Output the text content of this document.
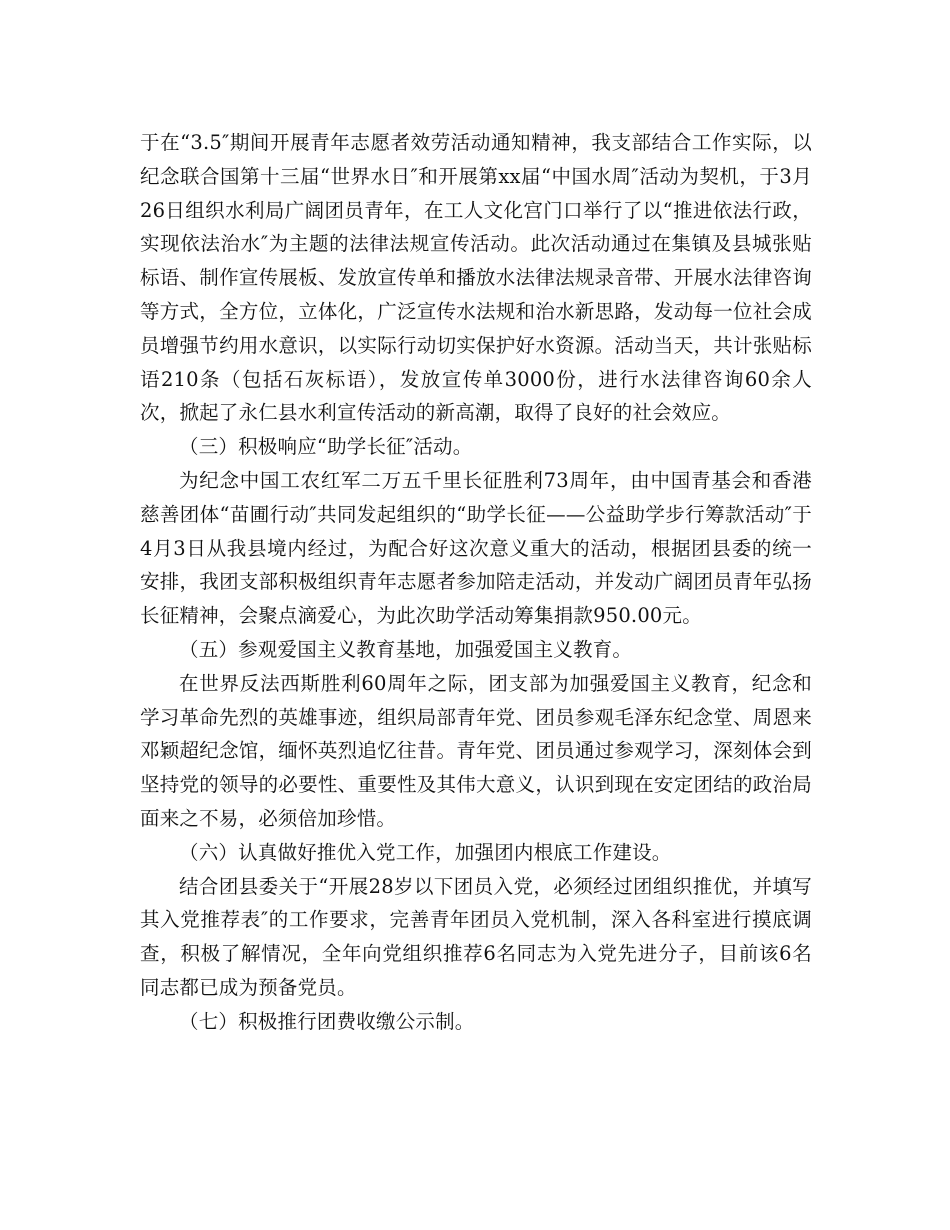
于在“3.5″期间开展青年志愿者效劳活动通知精神，我支部结合工作实际，以纪念联合国第十三届“世界水日″和开展第xx届“中国水周″活动为契机，于3月26日组织水利局广阔团员青年，在工人文化宫门口举行了以“推进依法行政，实现依法治水″为主题的法律法规宣传活动。此次活动通过在集镇及县城张贴标语、制作宣传展板、发放宣传单和播放水法律法规录音带、开展水法律咨询等方式，全方位，立体化，广泛宣传水法规和治水新思路，发动每一位社会成员增强节约用水意识，以实际行动切实保护好水资源。活动当天，共计张贴标语210条（包括石灰标语），发放宣传单3000份，进行水法律咨询60余人次，掀起了永仁县水利宣传活动的新高潮，取得了良好的社会效应。

（三）积极响应“助学长征″活动。

为纪念中国工农红军二万五千里长征胜利73周年，由中国青基会和香港慈善团体“苗圃行动″共同发起组织的“助学长征——公益助学步行筹款活动″于4月3日从我县境内经过，为配合好这次意义重大的活动，根据团县委的统一安排，我团支部积极组织青年志愿者参加陪走活动，并发动广阔团员青年弘扬长征精神，会聚点滴爱心，为此次助学活动筹集捐款950.00元。

（五）参观爱国主义教育基地，加强爱国主义教育。

在世界反法西斯胜利60周年之际，团支部为加强爱国主义教育，纪念和学习革命先烈的英雄事迹，组织局部青年党、团员参观毛泽东纪念堂、周恩来邓颖超纪念馆，缅怀英烈追忆往昔。青年党、团员通过参观学习，深刻体会到坚持党的领导的必要性、重要性及其伟大意义，认识到现在安定团结的政治局面来之不易，必须倍加珍惜。

（六）认真做好推优入党工作，加强团内根底工作建设。

结合团县委关于“开展28岁以下团员入党，必须经过团组织推优，并填写其入党推荐表″的工作要求，完善青年团员入党机制，深入各科室进行摸底调查，积极了解情况，全年向党组织推荐6名同志为入党先进分子，目前该6名同志都已成为预备党员。

（七）积极推行团费收缴公示制。
